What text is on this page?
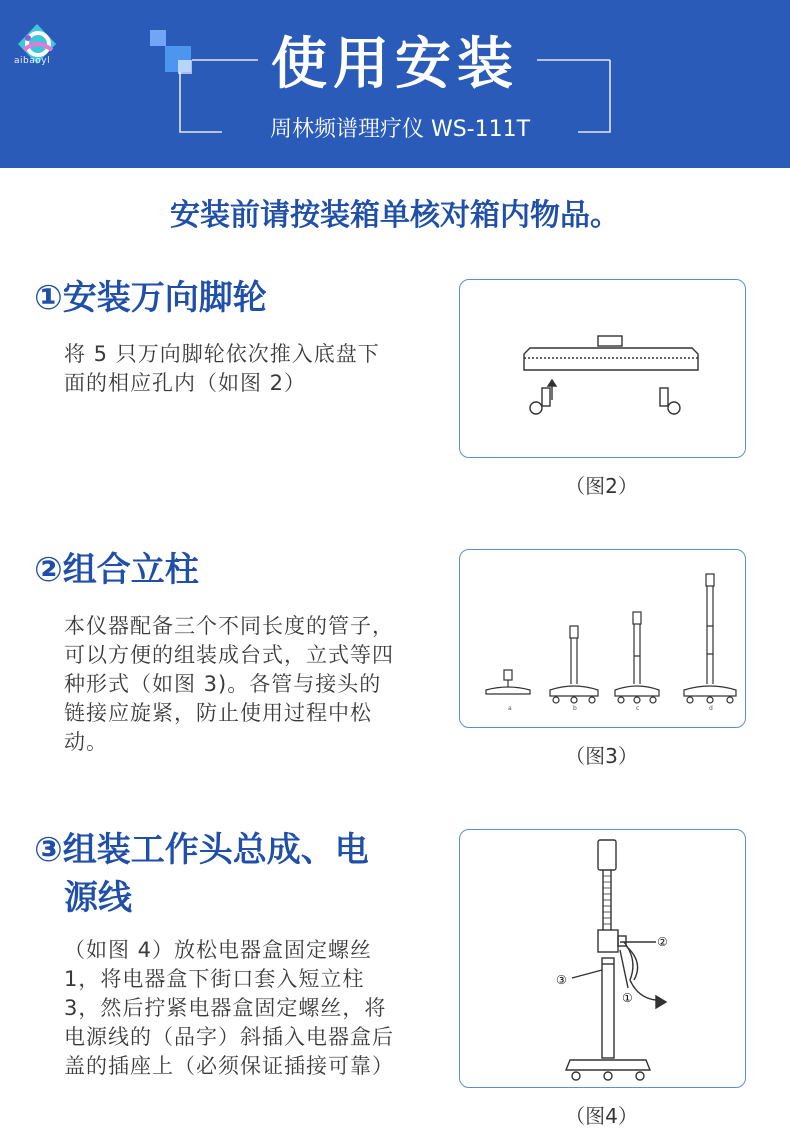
aibaoyl	使用安装
周林频谱理疗仪 WS-111T
安装前请按装箱单核对箱内物品。
①安装万向脚轮
将 5 只万向脚轮依次推入底盘下面的相应孔内（如图 2）
（图2）
②组合立柱
本仪器配备三个不同长度的管子，可以方便的组装成台式，立式等四种形式（如图 3)。各管与接头的链接应旋紧，防止使用过程中松动。
a	b	c	d
（图3）
③组装工作头总成、电
源线
（如图 4）放松电器盒固定螺丝 1，将电器盒下街口套入短立柱 3，然后拧紧电器盒固定螺丝，将电源线的（品字）斜插入电器盒后盖的插座上（必须保证插接可靠）
②
③
①
（图4）
